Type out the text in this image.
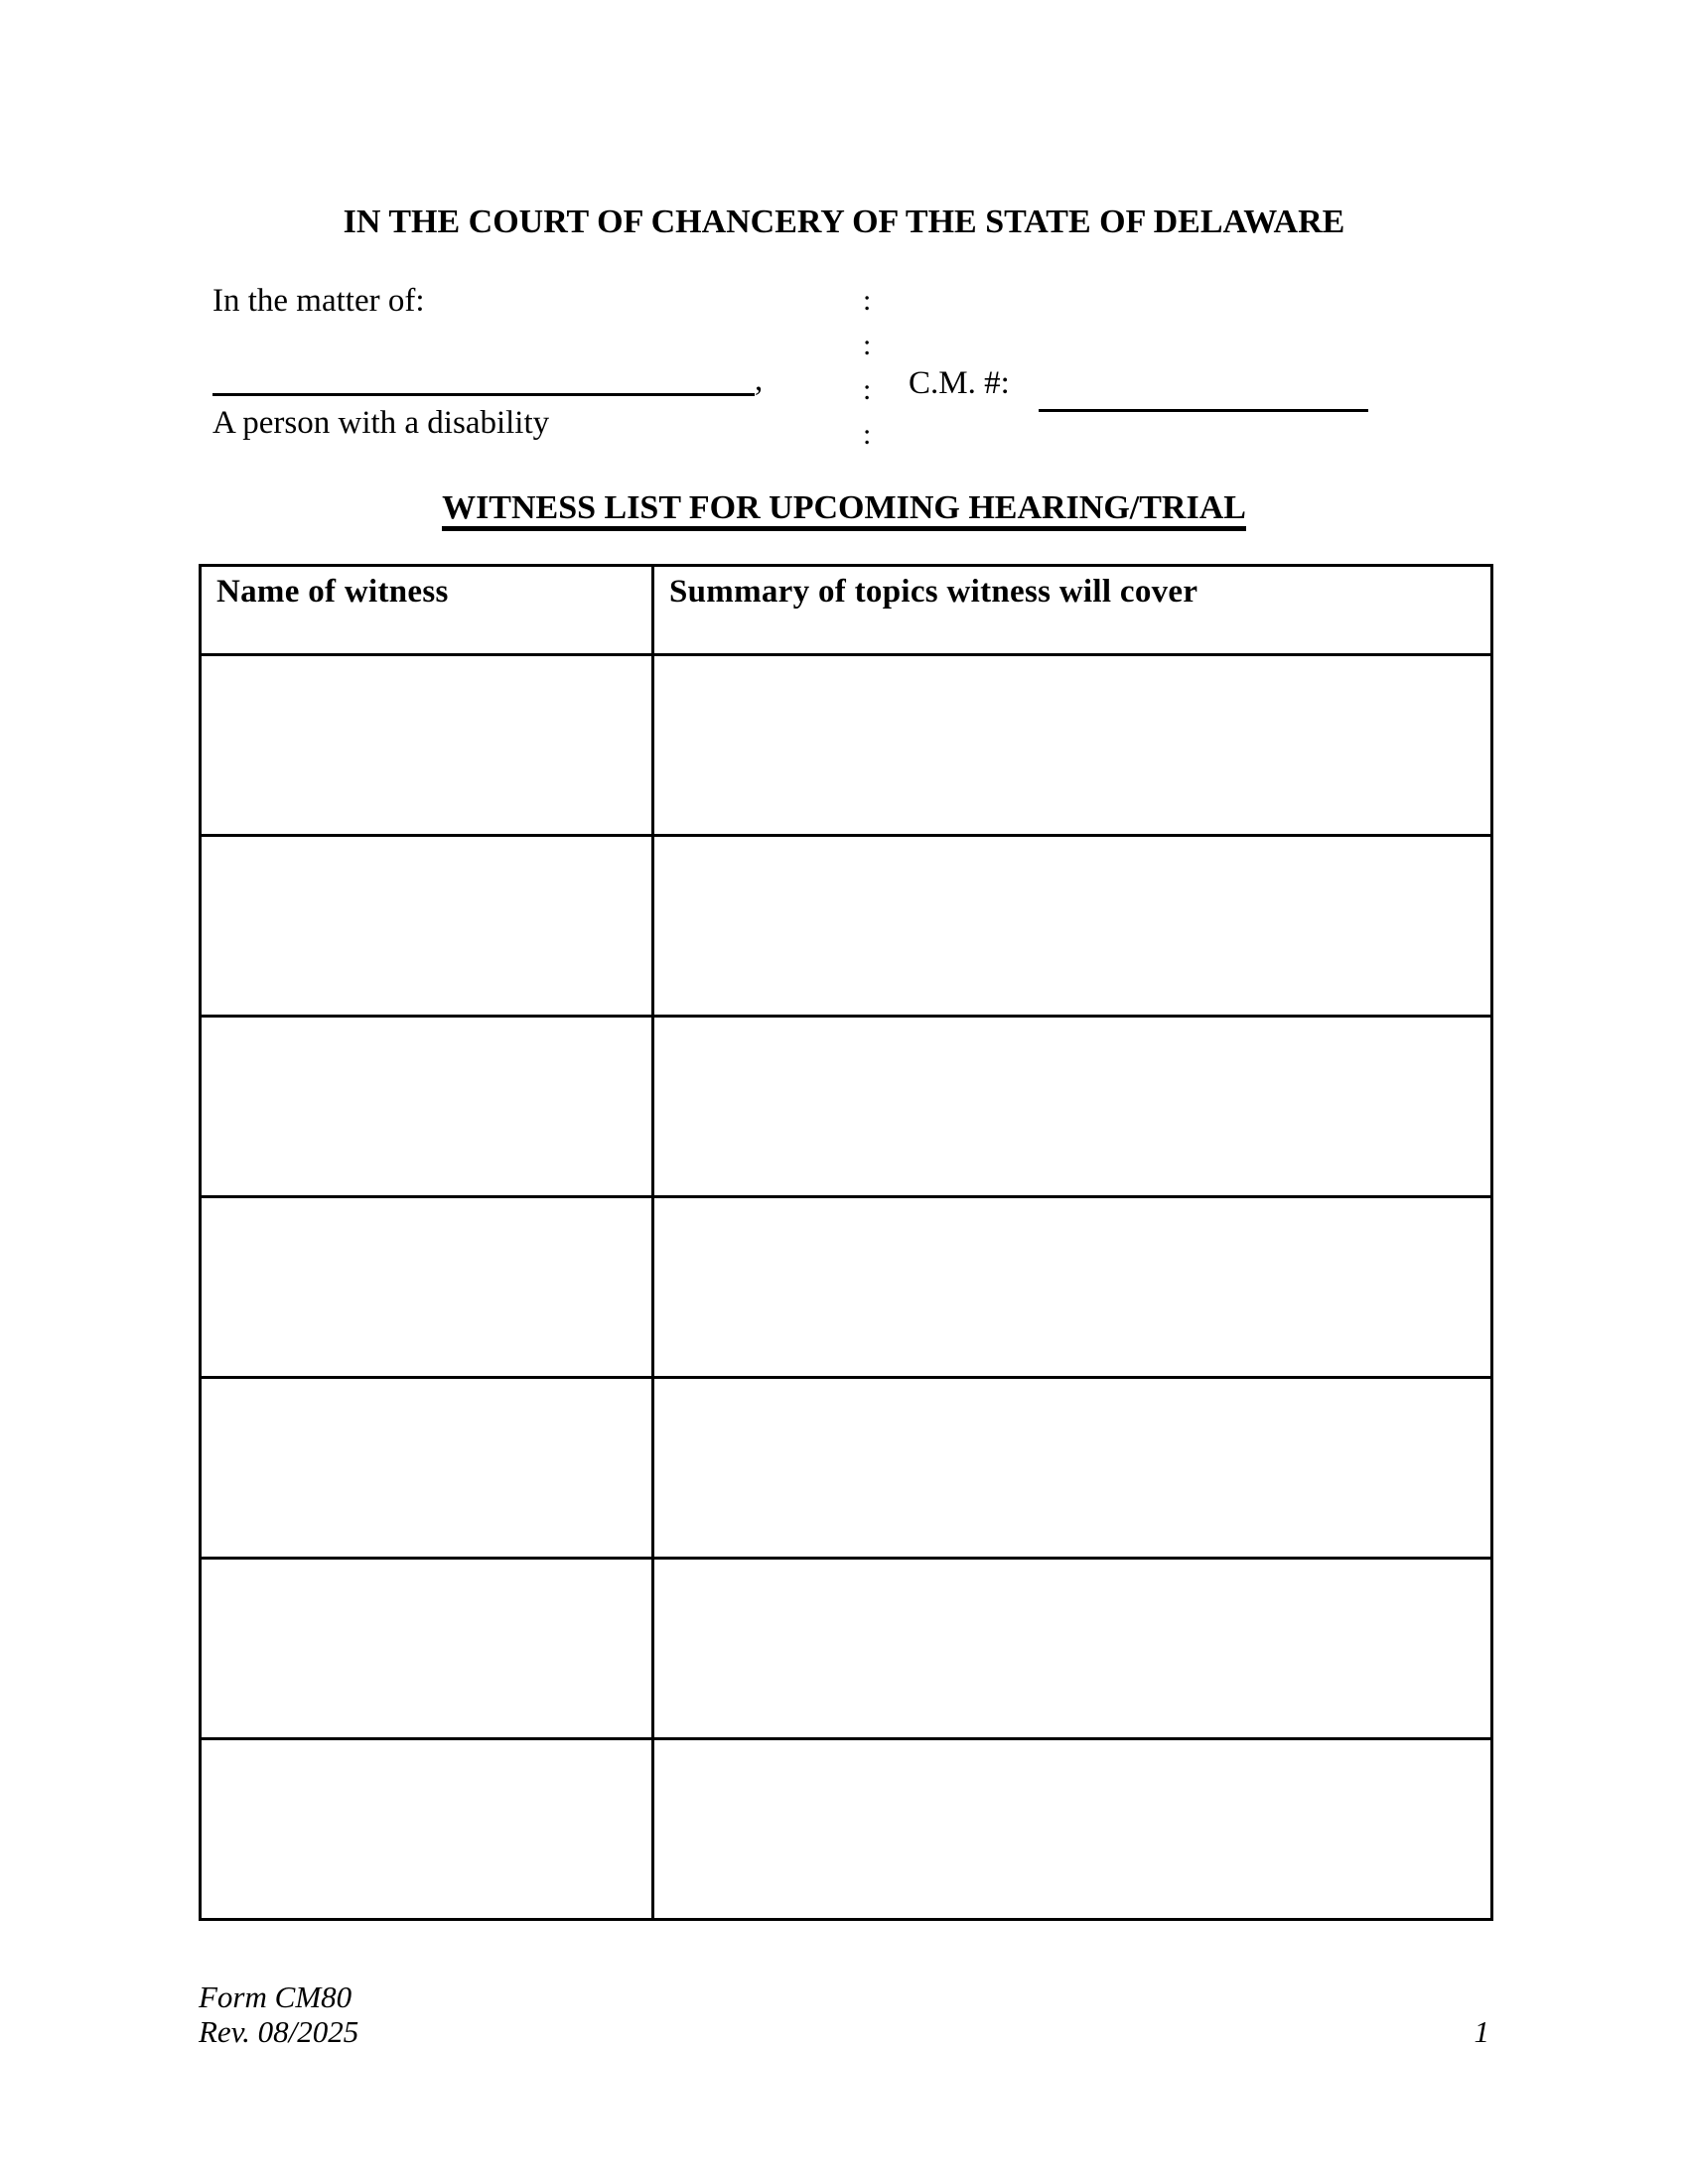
IN THE COURT OF CHANCERY OF THE STATE OF DELAWARE
In the matter of:
,
A person with a disability
:
:
:
:
C.M. #:
WITNESS LIST FOR UPCOMING HEARING/TRIAL
Name of witness	Summary of topics witness will cover

Form CM80
Rev. 08/2025	1
